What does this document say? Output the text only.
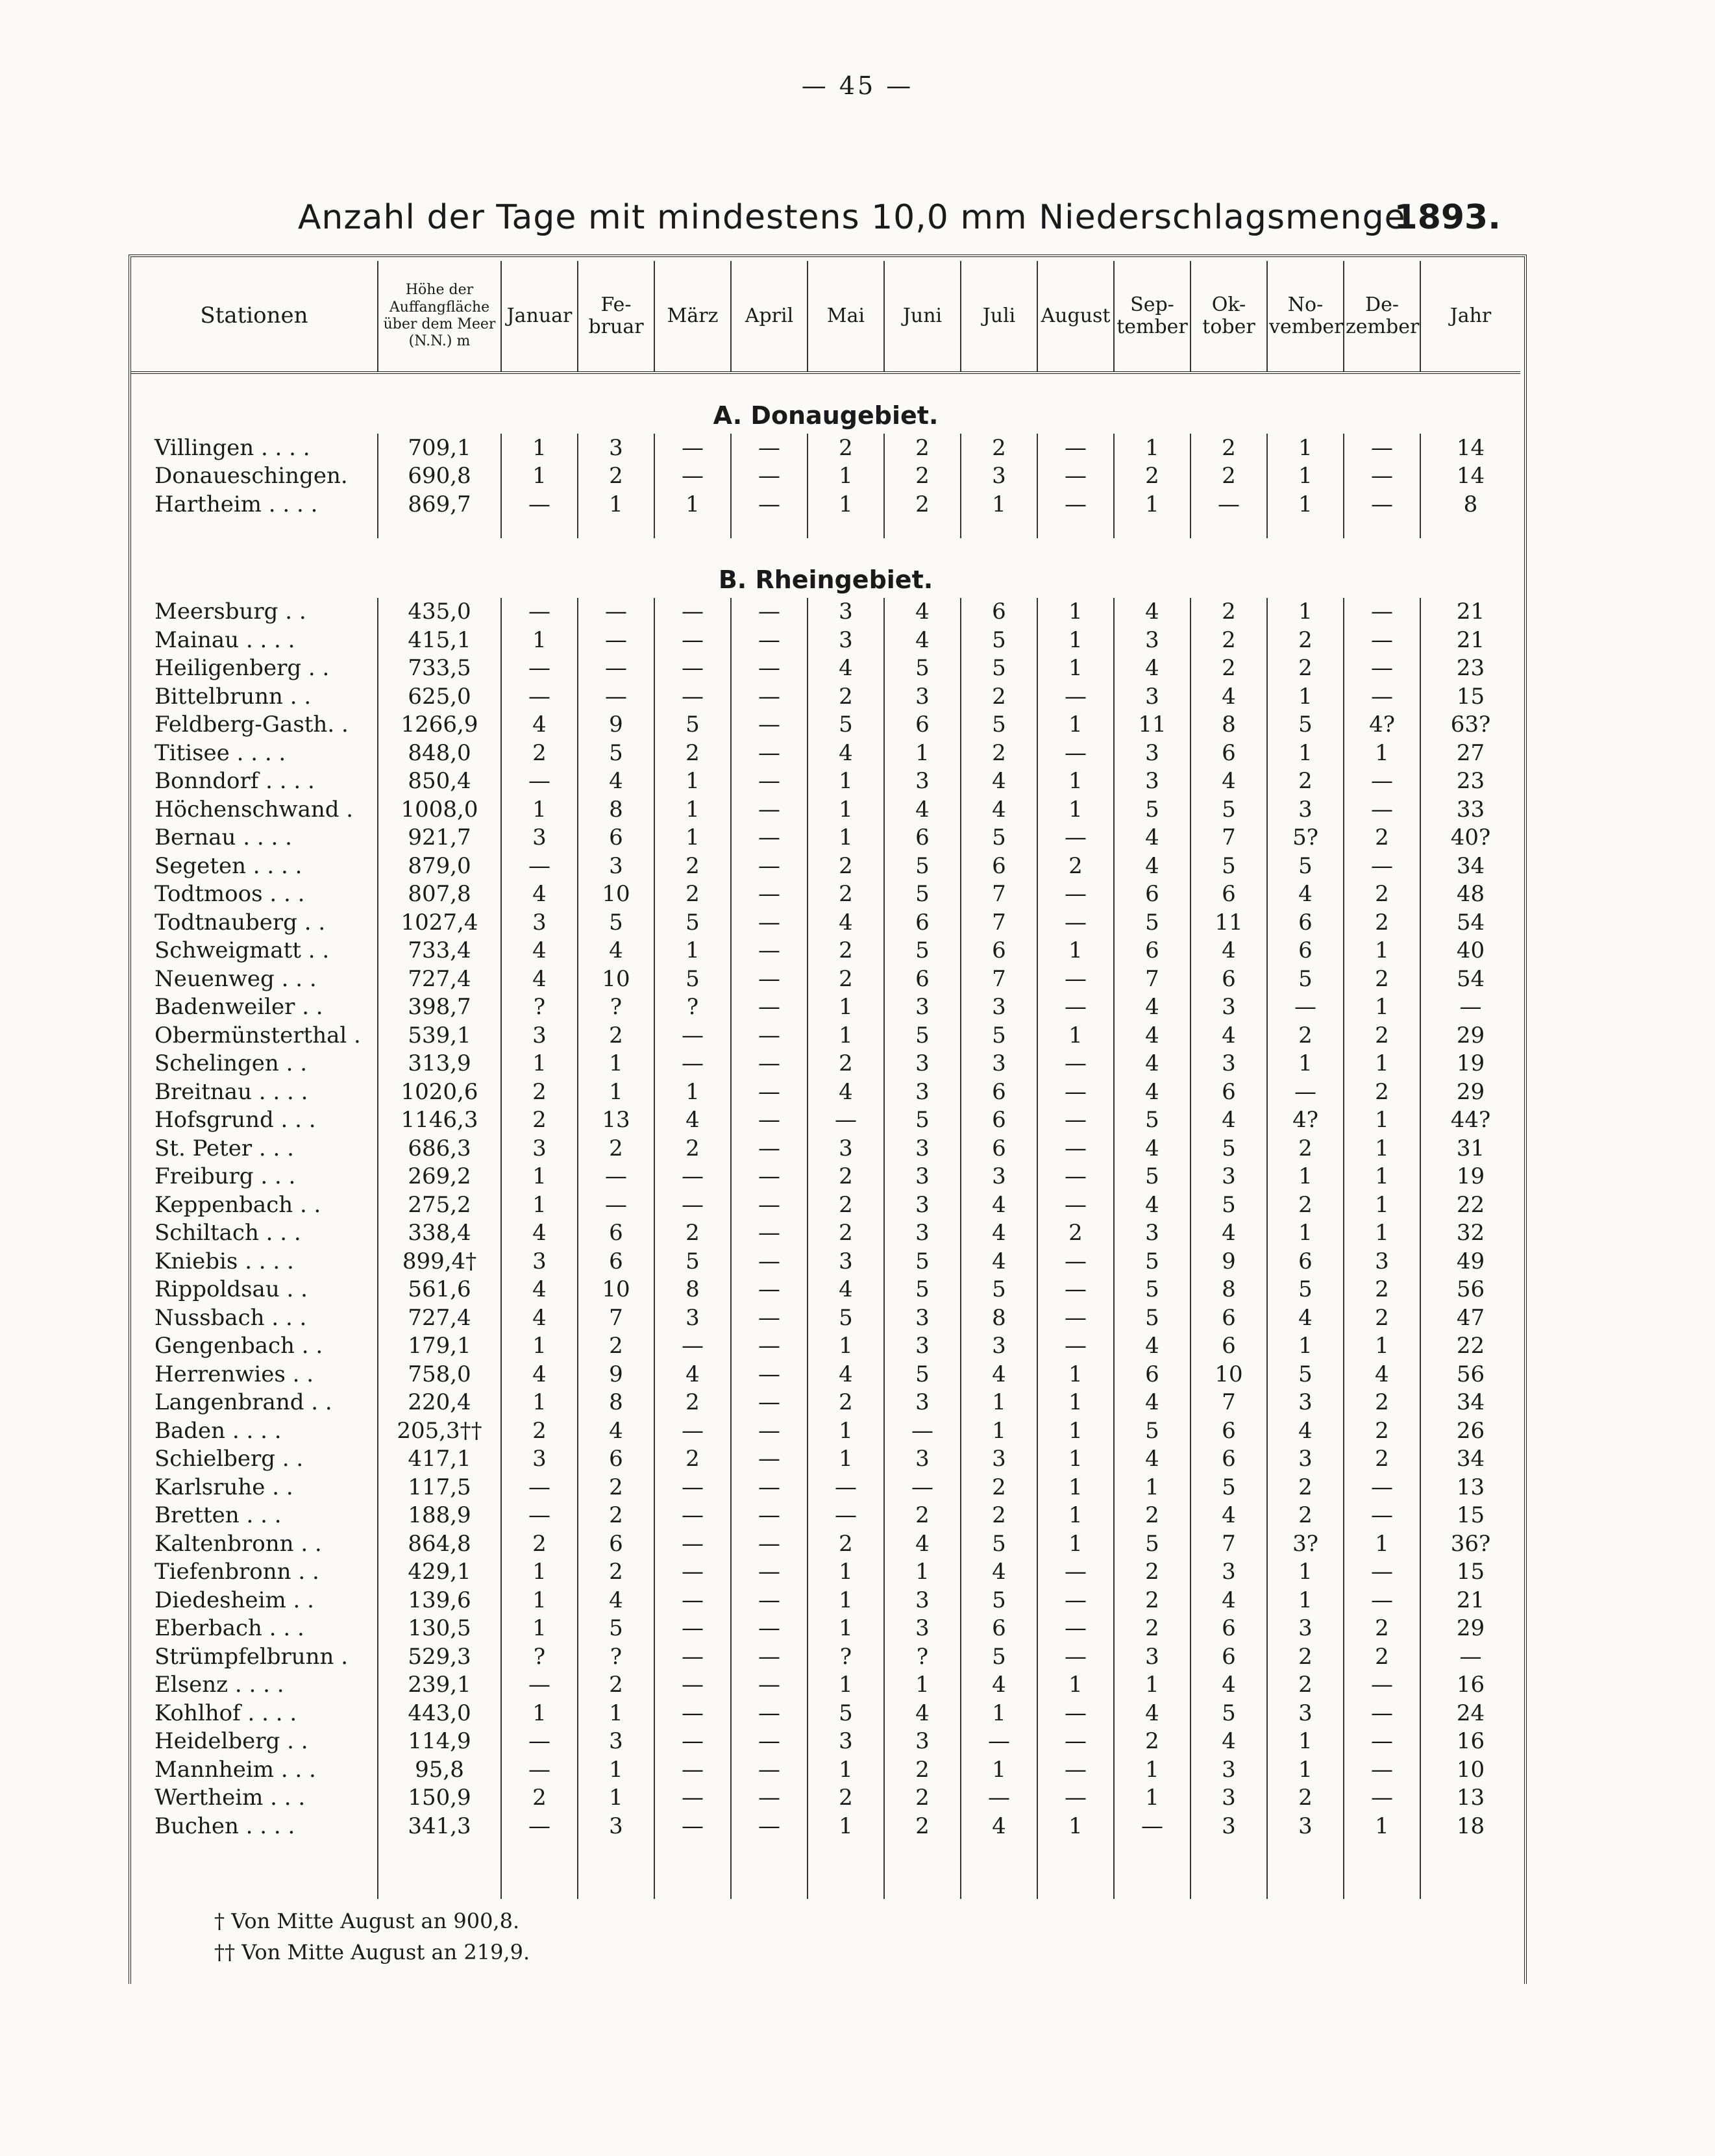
— 45 —
Anzahl der Tage mit mindestens 10,0 mm Niederschlagsmenge.
1893.
Stationen	Höhe der Auffangfläche über dem Meer (N.N.) m	Januar	Fe-bruar	März	April	Mai	Juni	Juli	August	Sep-tember	Ok-tober	No-vember	De-zember	Jahr
A. Donaugebiet.														
Villingen . . . .	709,1	1	3	—	—	2	2	2	—	1	2	1	—	14
Donaueschingen.	690,8	1	2	—	—	1	2	3	—	2	2	1	—	14
Hartheim . . . .	869,7	—	1	1	—	1	2	1	—	1	—	1	—	8

B. Rheingebiet.														
Meersburg . .	435,0	—	—	—	—	3	4	6	1	4	2	1	—	21
Mainau . . . .	415,1	1	—	—	—	3	4	5	1	3	2	2	—	21
Heiligenberg . .	733,5	—	—	—	—	4	5	5	1	4	2	2	—	23
Bittelbrunn . .	625,0	—	—	—	—	2	3	2	—	3	4	1	—	15
Feldberg-Gasth. .	1266,9	4	9	5	—	5	6	5	1	11	8	5	4?	63?
Titisee . . . .	848,0	2	5	2	—	4	1	2	—	3	6	1	1	27
Bonndorf . . . .	850,4	—	4	1	—	1	3	4	1	3	4	2	—	23
Höchenschwand .	1008,0	1	8	1	—	1	4	4	1	5	5	3	—	33
Bernau . . . .	921,7	3	6	1	—	1	6	5	—	4	7	5?	2	40?
Segeten . . . .	879,0	—	3	2	—	2	5	6	2	4	5	5	—	34
Todtmoos . . .	807,8	4	10	2	—	2	5	7	—	6	6	4	2	48
Todtnauberg . .	1027,4	3	5	5	—	4	6	7	—	5	11	6	2	54
Schweigmatt . .	733,4	4	4	1	—	2	5	6	1	6	4	6	1	40
Neuenweg . . .	727,4	4	10	5	—	2	6	7	—	7	6	5	2	54
Badenweiler . .	398,7	?	?	?	—	1	3	3	—	4	3	—	1	—
Obermünsterthal .	539,1	3	2	—	—	1	5	5	1	4	4	2	2	29
Schelingen . .	313,9	1	1	—	—	2	3	3	—	4	3	1	1	19
Breitnau . . . .	1020,6	2	1	1	—	4	3	6	—	4	6	—	2	29
Hofsgrund . . .	1146,3	2	13	4	—	—	5	6	—	5	4	4?	1	44?
St. Peter . . .	686,3	3	2	2	—	3	3	6	—	4	5	2	1	31
Freiburg . . .	269,2	1	—	—	—	2	3	3	—	5	3	1	1	19
Keppenbach . .	275,2	1	—	—	—	2	3	4	—	4	5	2	1	22
Schiltach . . .	338,4	4	6	2	—	2	3	4	2	3	4	1	1	32
Kniebis . . . .	899,4†	3	6	5	—	3	5	4	—	5	9	6	3	49
Rippoldsau . .	561,6	4	10	8	—	4	5	5	—	5	8	5	2	56
Nussbach . . .	727,4	4	7	3	—	5	3	8	—	5	6	4	2	47
Gengenbach . .	179,1	1	2	—	—	1	3	3	—	4	6	1	1	22
Herrenwies . .	758,0	4	9	4	—	4	5	4	1	6	10	5	4	56
Langenbrand . .	220,4	1	8	2	—	2	3	1	1	4	7	3	2	34
Baden . . . .	205,3††	2	4	—	—	1	—	1	1	5	6	4	2	26
Schielberg . .	417,1	3	6	2	—	1	3	3	1	4	6	3	2	34
Karlsruhe . .	117,5	—	2	—	—	—	—	2	1	1	5	2	—	13
Bretten . . .	188,9	—	2	—	—	—	2	2	1	2	4	2	—	15
Kaltenbronn . .	864,8	2	6	—	—	2	4	5	1	5	7	3?	1	36?
Tiefenbronn . .	429,1	1	2	—	—	1	1	4	—	2	3	1	—	15
Diedesheim . .	139,6	1	4	—	—	1	3	5	—	2	4	1	—	21
Eberbach . . .	130,5	1	5	—	—	1	3	6	—	2	6	3	2	29
Strümpfelbrunn .	529,3	?	?	—	—	?	?	5	—	3	6	2	2	—
Elsenz . . . .	239,1	—	2	—	—	1	1	4	1	1	4	2	—	16
Kohlhof . . . .	443,0	1	1	—	—	5	4	1	—	4	5	3	—	24
Heidelberg . .	114,9	—	3	—	—	3	3	—	—	2	4	1	—	16
Mannheim . . .	95,8	—	1	—	—	1	2	1	—	1	3	1	—	10
Wertheim . . .	150,9	2	1	—	—	2	2	—	—	1	3	2	—	13
Buchen . . . .	341,3	—	3	—	—	1	2	4	1	—	3	3	1	18

† Von Mitte August an 900,8.
†† Von Mitte August an 219,9.
